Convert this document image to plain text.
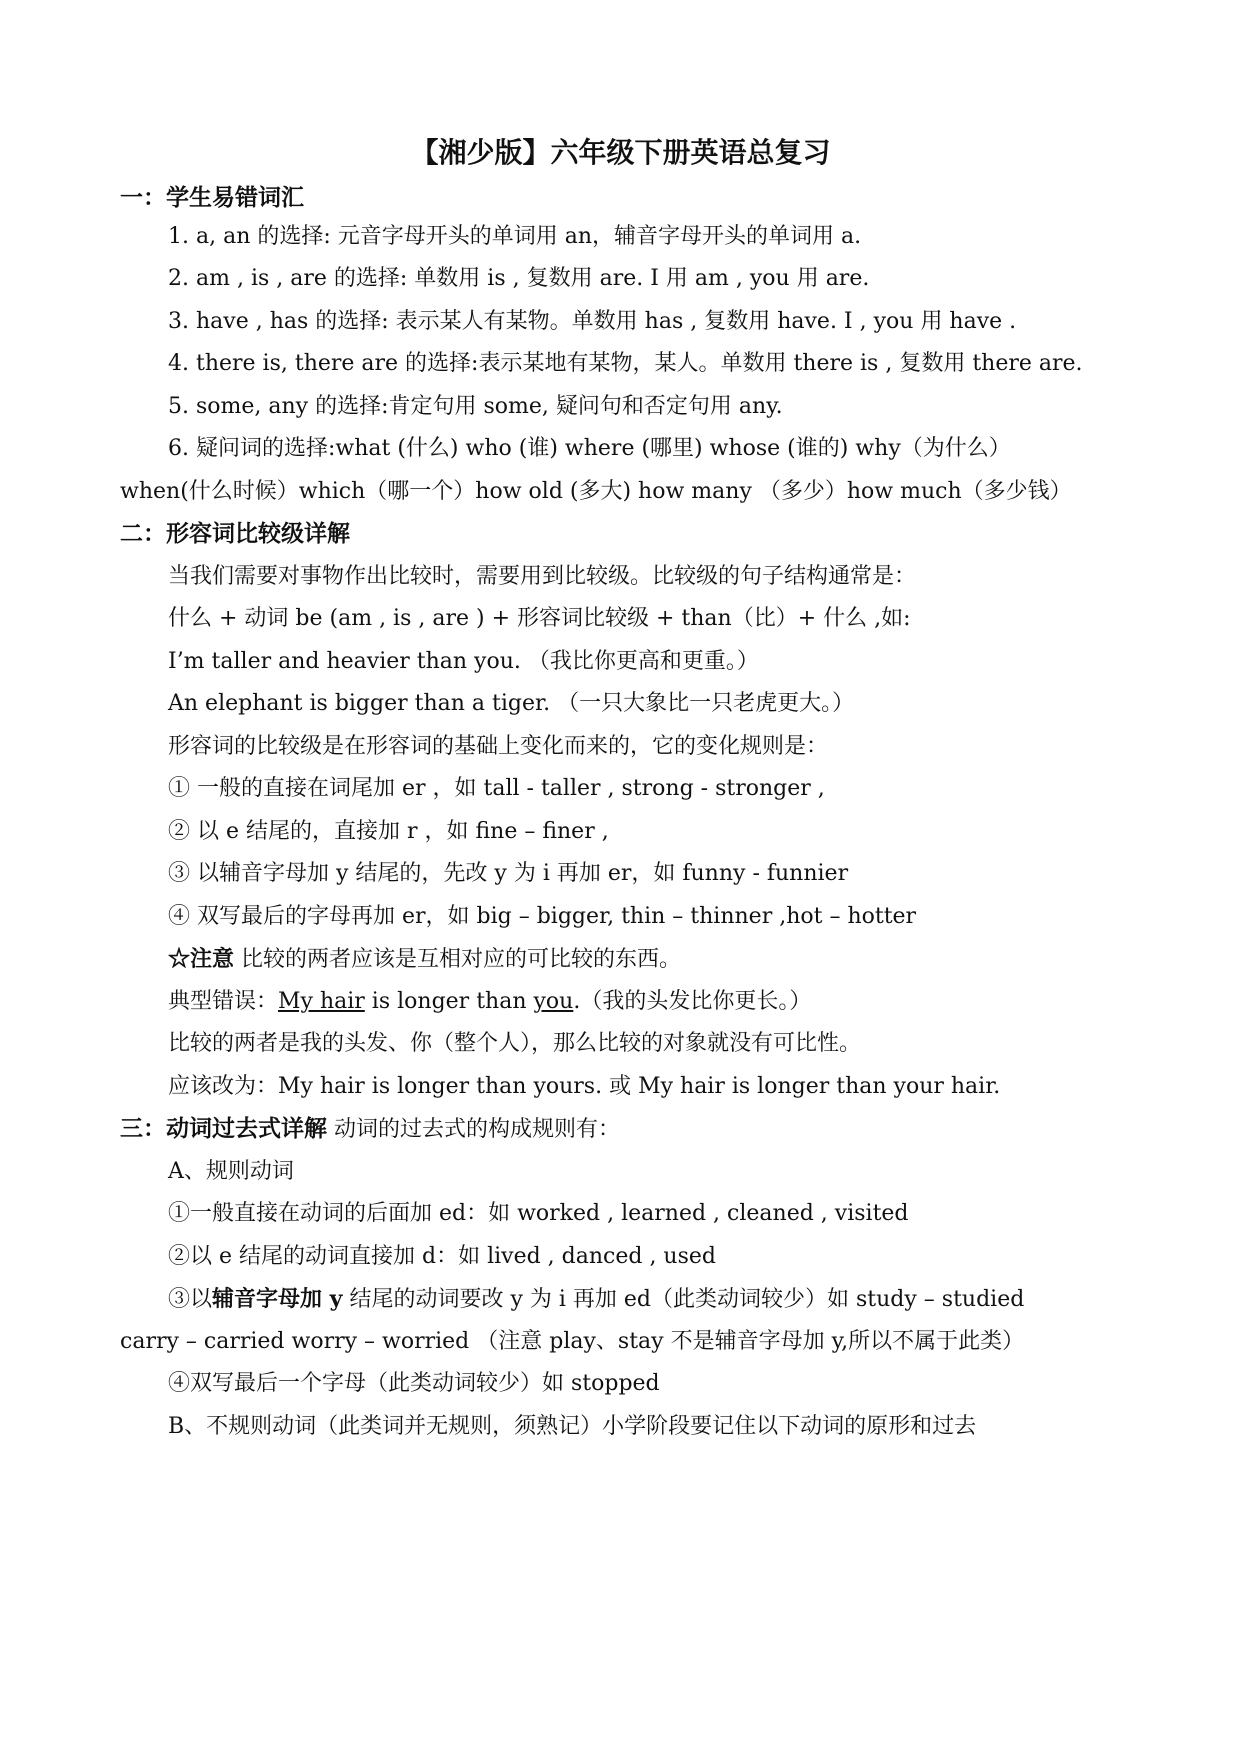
【湘少版】六年级下册英语总复习
一：学生易错词汇
1. a, an 的选择: 元音字母开头的单词用 an，辅音字母开头的单词用 a.
2. am , is , are 的选择: 单数用 is , 复数用 are. I 用 am , you 用 are.
3. have , has 的选择: 表示某人有某物。单数用 has , 复数用 have. I , you 用 have .
4. there is, there are 的选择:表示某地有某物，某人。单数用 there is , 复数用 there are.
5. some, any 的选择:肯定句用 some, 疑问句和否定句用 any.
6. 疑问词的选择:what (什么) who (谁) where (哪里) whose (谁的) why（为什么）
when(什么时候）which（哪一个）how old (多大) how many （多少）how much（多少钱）
二：形容词比较级详解
当我们需要对事物作出比较时，需要用到比较级。比较级的句子结构通常是：
什么 + 动词 be (am , is , are ) + 形容词比较级 + than（比）+ 什么 ,如:
I’m taller and heavier than you. （我比你更高和更重。）
An elephant is bigger than a tiger. （一只大象比一只老虎更大。）
形容词的比较级是在形容词的基础上变化而来的，它的变化规则是：
① 一般的直接在词尾加 er ，如 tall - taller , strong - stronger ,
② 以 e 结尾的，直接加 r ，如 fine – finer ,
③ 以辅音字母加 y 结尾的，先改 y 为 i 再加 er，如 funny - funnier
④ 双写最后的字母再加 er，如 big – bigger, thin – thinner ,hot – hotter
☆注意 比较的两者应该是互相对应的可比较的东西。
典型错误：My hair is longer than you.（我的头发比你更长。）
比较的两者是我的头发、你（整个人），那么比较的对象就没有可比性。
应该改为：My hair is longer than yours. 或 My hair is longer than your hair.
三：动词过去式详解 动词的过去式的构成规则有：
A、规则动词
①一般直接在动词的后面加 ed：如 worked , learned , cleaned , visited
②以 e 结尾的动词直接加 d：如 lived , danced , used
③以辅音字母加 y 结尾的动词要改 y 为 i 再加 ed（此类动词较少）如 study – studied
carry – carried worry – worried （注意 play、stay 不是辅音字母加 y,所以不属于此类）
④双写最后一个字母（此类动词较少）如 stopped
B、不规则动词（此类词并无规则，须熟记）小学阶段要记住以下动词的原形和过去
